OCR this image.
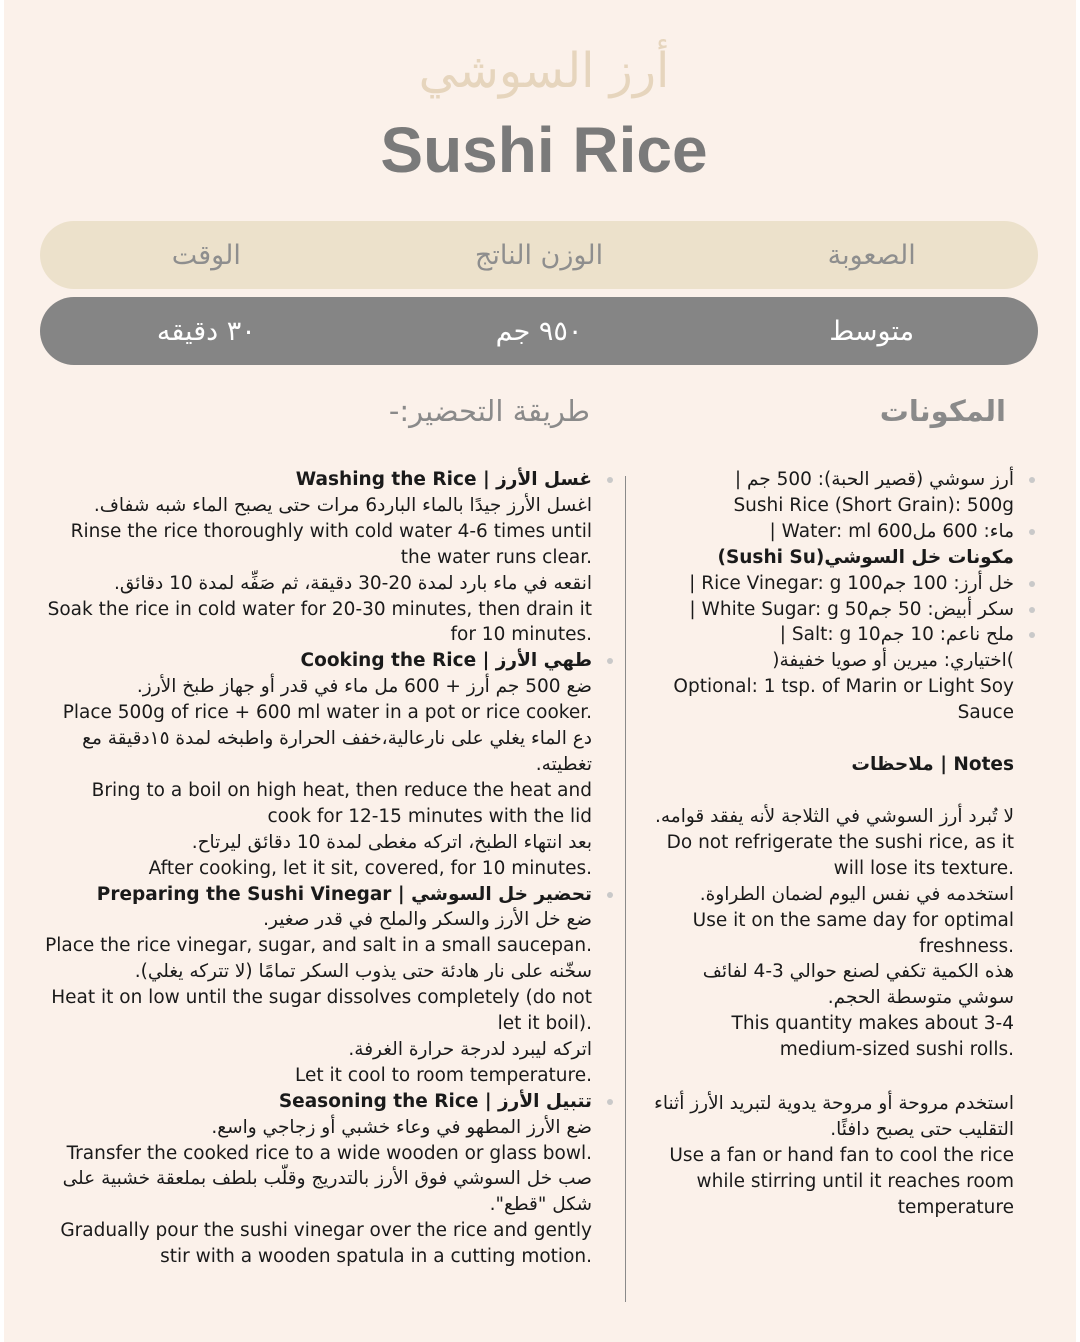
أرز السوشي
Sushi Rice
الصعوبة
الوزن الناتج
الوقت
متوسط
٩٥٠ جم
٣٠ دقيقه
المكونات
طريقة التحضير:-

غسل الأرز | Washing the Rice

اغسل الأرز جيدًا بالماء البارد6 مرات حتى يصبح الماء شبه شفاف.

Rinse the rice thoroughly with cold water 4-6 times until the water runs clear.

انقعه في ماء بارد لمدة 20-30 دقيقة، ثم صَفِّه لمدة 10 دقائق.

Soak the rice in cold water for 20-30 minutes, then drain it for 10 minutes.

طهي الأرز | Cooking the Rice

ضع 500 جم أرز + 600 مل ماء في قدر أو جهاز طبخ الأرز.

Place 500g of rice + 600 ml water in a pot or rice cooker.

دع الماء يغلي على نارعالية،خفف الحرارة واطبخه لمدة ١٥دقيقة مع تغطيته.

Bring to a boil on high heat, then reduce the heat and cook for 12-15 minutes with the lid

بعد انتهاء الطبخ، اتركه مغطى لمدة 10 دقائق ليرتاح.

After cooking, let it sit, covered, for 10 minutes.

تحضير خل السوشي | Preparing the Sushi Vinegar

ضع خل الأرز والسكر والملح في قدر صغير.

Place the rice vinegar, sugar, and salt in a small saucepan.

سخّنه على نار هادئة حتى يذوب السكر تمامًا (لا تتركه يغلي).

Heat it on low until the sugar dissolves completely (do not let it boil).

اتركه ليبرد لدرجة حرارة الغرفة.

Let it cool to room temperature.

تتبيل الأرز | Seasoning the Rice

ضع الأرز المطهو في وعاء خشبي أو زجاجي واسع.

Transfer the cooked rice to a wide wooden or glass bowl.

صب خل السوشي فوق الأرز بالتدريج وقلّب بلطف بملعقة خشبية على شكل "قطع".

Gradually pour the sushi vinegar over the rice and gently stir with a wooden spatula in a cutting motion.

أرز سوشي (قصير الحبة): 500 جم |

Sushi Rice (Short Grain): 500g

ماء: 600 مل600 Water: ml |

مكونات خل السوشي(Sushi Su)

خل أرز: 100 جم100 Rice Vinegar: g |

سكر أبيض: 50 جم50 White Sugar: g |

ملح ناعم: 10 جم10 Salt: g |

)اختياري: ميرين أو صويا خفيفة(

Optional: 1 tsp. of Marin or Light Soy Sauce

Notes | ملاحظات

لا تُبرد أرز السوشي في الثلاجة لأنه يفقد قوامه.

Do not refrigerate the sushi rice, as it will lose its texture.

استخدمه في نفس اليوم لضمان الطراوة.

Use it on the same day for optimal freshness.

هذه الكمية تكفي لصنع حوالي 3-4 لفائف سوشي متوسطة الحجم.

This quantity makes about 3-4 medium-sized sushi rolls.

استخدم مروحة أو مروحة يدوية لتبريد الأرز أثناء التقليب حتى يصبح دافئًا.

Use a fan or hand fan to cool the rice while stirring until it reaches room temperature
